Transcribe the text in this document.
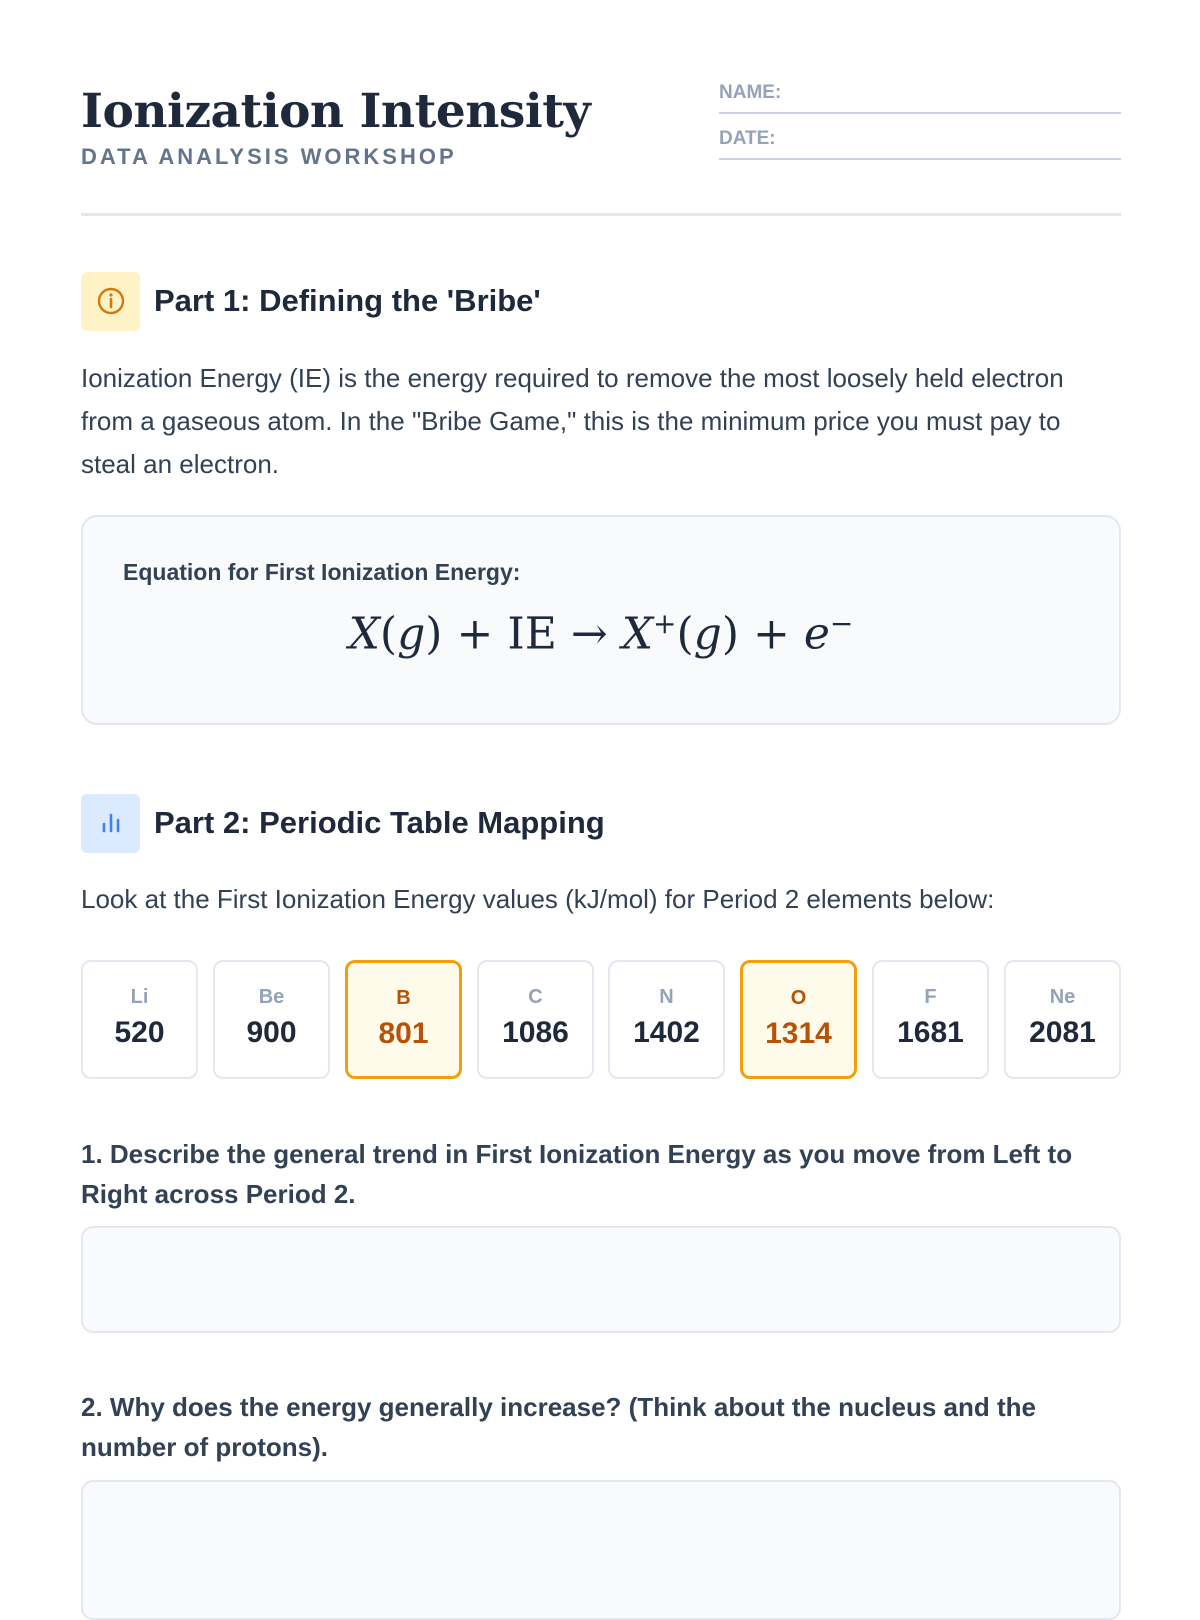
Ionization Intensity
DATA ANALYSIS WORKSHOP
NAME:
DATE:
Part 1: Defining the 'Bribe'
Ionization Energy (IE) is the energy required to remove the most loosely held electron from a gaseous atom. In the "Bribe Game," this is the minimum price you must pay to steal an electron.
Equation for First Ionization Energy:
X(g) + IE → X+(g) + e−
Part 2: Periodic Table Mapping
Look at the First Ionization Energy values (kJ/mol) for Period 2 elements below:
Li
520
Be
900
B
801
C
1086
N
1402
O
1314
F
1681
Ne
2081
1. Describe the general trend in First Ionization Energy as you move from Left to Right across Period 2.
2. Why does the energy generally increase? (Think about the nucleus and the number of protons).
